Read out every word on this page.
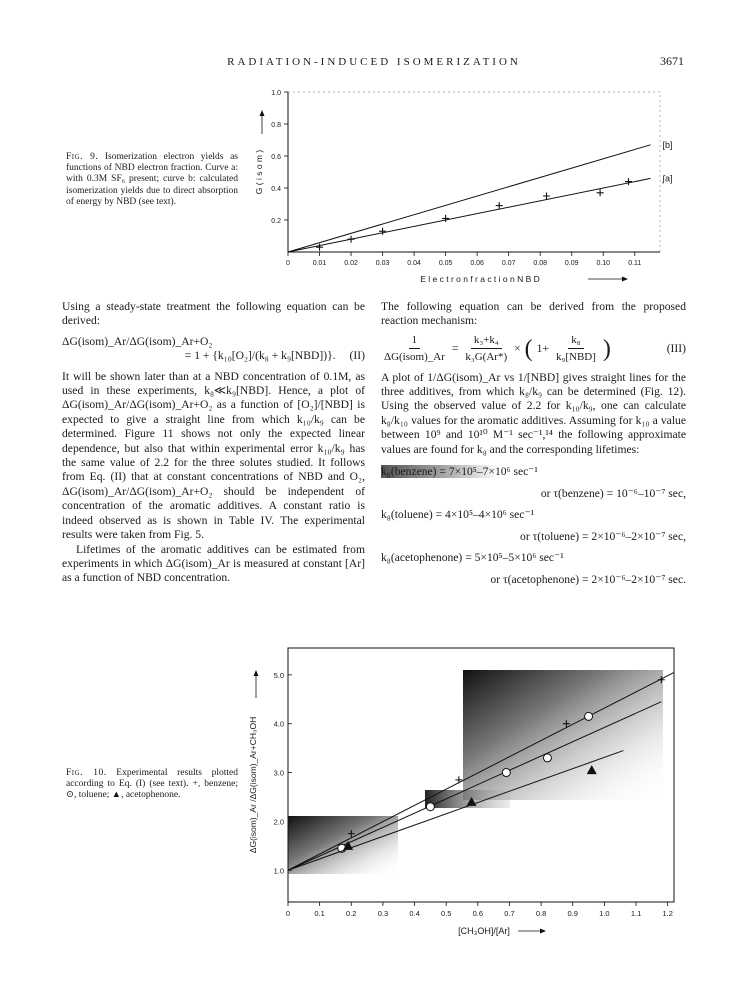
RADIATION-INDUCED ISOMERIZATION	3671
Fig. 9. Isomerization electron yields as functions of NBD electron fraction. Curve a: with 0.3M SF₆ present; curve b: calculated isomerization yields due to direct absorption of energy by NBD (see text).
0	0.01	0.02	0.03	0.04	0.05	0.06	0.07	0.08	0.09	0.10	0.11
0.2
0.4
0.6
0.8
1.0
E l e c t r o n f r a c t i o n N B D
G ( i s o m )
[b]
∫a]

Using a steady-state treatment the following equation can be derived:

ΔG(isom)_Ar/ΔG(isom)_Ar+O₂
= 1 + {k₁₀[O₂]/(k₈ + k₉[NBD])}. (II)

It will be shown later than at a NBD concentration of 0.1M, as used in these experiments, k₈≪k₉[NBD]. Hence, a plot of ΔG(isom)_Ar/ΔG(isom)_Ar+O₂ as a function of [O₂]/[NBD] is expected to give a straight line from which k₁₀/k₉ can be determined. Figure 11 shows not only the expected linear dependence, but also that within experimental error k₁₀/k₉ has the same value of 2.2 for the three solutes studied. It follows from Eq. (II) that at constant concentrations of NBD and O₂, ΔG(isom)_Ar/ΔG(isom)_Ar+O₂ should be independent of concentration of the aromatic additives. A constant ratio is indeed observed as is shown in Table IV. The experimental results were taken from Fig. 5.

Lifetimes of the aromatic additives can be estimated from experiments in which ΔG(isom)_Ar is measured at constant [Ar] as a function of NBD concentration.

The following equation can be derived from the proposed reaction mechanism:

$\frac{1}{\text{ΔG(isom)\_Ar}} = \frac{\text{k₃+k₄}}{\text{k₃G(Ar*)}}$ × ( $1+ \frac{\text{k₈}}{\text{k₉[NBD]}}$ )	(III)

A plot of 1/ΔG(isom)_Ar vs 1/[NBD] gives straight lines for the three additives, from which k₈/k₉ can be determined (Fig. 12). Using the observed value of 2.2 for k₁₀/k₉, one can calculate k₈/k₁₀ values for the aromatic additives. Assuming for k₁₀ a value between 10⁹ and 10¹⁰ M⁻¹ sec⁻¹,¹⁴ the following approximate values are found for k₈ and the corresponding lifetimes:

k₈(benzene) = 7×10⁵–7×10⁶ sec⁻¹
or τ(benzene) = 10⁻⁶–10⁻⁷ sec,
k₈(toluene) = 4×10⁵–4×10⁶ sec⁻¹
or τ(toluene) = 2×10⁻⁶–2×10⁻⁷ sec,
k₈(acetophenone) = 5×10⁵–5×10⁶ sec⁻¹
or τ(acetophenone) = 2×10⁻⁶–2×10⁻⁷ sec.
Fig. 10. Experimental results plotted according to Eq. (I) (see text). +, benzene; ⊙, toluene; ▲, acetophenone.
0	0.1	0.2	0.3	0.4	0.5	0.6	0.7	0.8	0.9	1.0	1.1	1.2
1.0
2.0
3.0
4.0
5.0
[CH₃OH]/[Ar]
ΔG(isom)_Ar /ΔG(isom)_Ar+CH₃OH
